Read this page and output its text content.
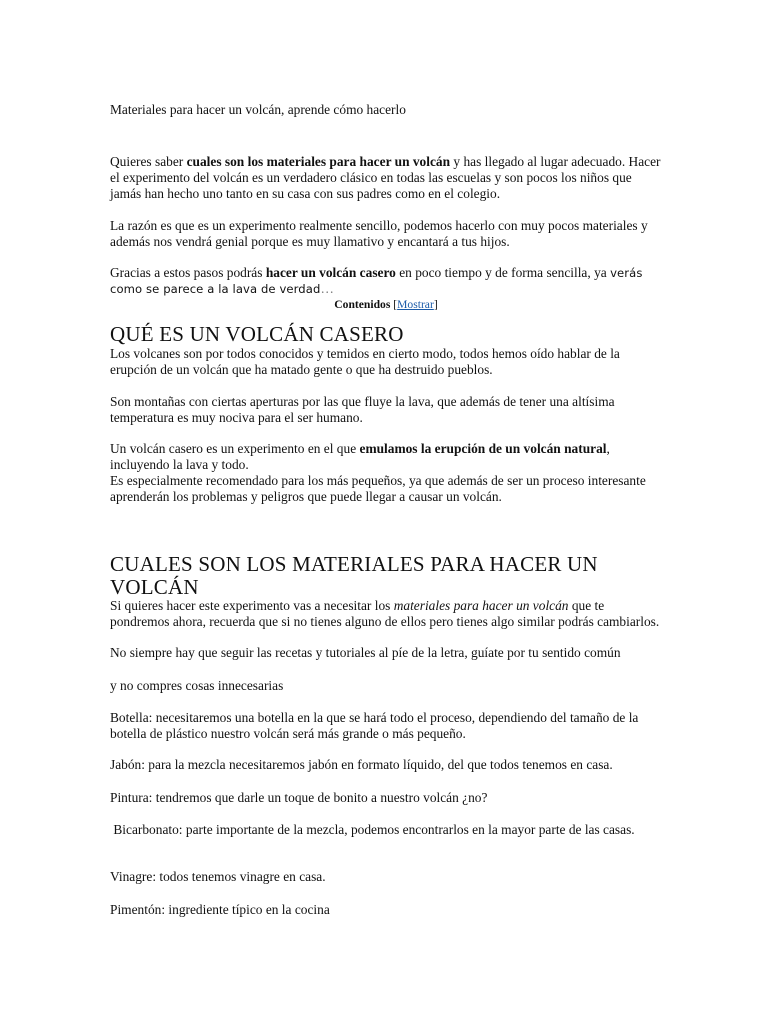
Materiales para hacer un volcán, aprende cómo hacerlo

Quieres saber cuales son los materiales para hacer un volcán y has llegado al lugar adecuado. Hacer el experimento del volcán es un verdadero clásico en todas las escuelas y son pocos los niños que jamás han hecho uno tanto en su casa con sus padres como en el colegio.

La razón es que es un experimento realmente sencillo, podemos hacerlo con muy pocos materiales y además nos vendrá genial porque es muy llamativo y encantará a tus hijos.

Gracias a estos pasos podrás hacer un volcán casero en poco tiempo y de forma sencilla, ya verás como se parece a la lava de verdad…

Contenidos [Mostrar]
QUÉ ES UN VOLCÁN CASERO

Los volcanes son por todos conocidos y temidos en cierto modo, todos hemos oído hablar de la erupción de un volcán que ha matado gente o que ha destruido pueblos.

Son montañas con ciertas aperturas por las que fluye la lava, que además de tener una altísima temperatura es muy nociva para el ser humano.

Un volcán casero es un experimento en el que emulamos la erupción de un volcán natural, incluyendo la lava y todo.

Es especialmente recomendado para los más pequeños, ya que además de ser un proceso interesante aprenderán los problemas y peligros que puede llegar a causar un volcán.

CUALES SON LOS MATERIALES PARA HACER UN VOLCÁN

Si quieres hacer este experimento vas a necesitar los materiales para hacer un volcán que te pondremos ahora, recuerda que si no tienes alguno de ellos pero tienes algo similar podrás cambiarlos.

No siempre hay que seguir las recetas y tutoriales al píe de la letra, guíate por tu sentido común

y no compres cosas innecesarias

Botella: necesitaremos una botella en la que se hará todo el proceso, dependiendo del tamaño de la botella de plástico nuestro volcán será más grande o más pequeño.

Jabón: para la mezcla necesitaremos jabón en formato líquido, del que todos tenemos en casa.

Pintura: tendremos que darle un toque de bonito a nuestro volcán ¿no?

Bicarbonato: parte importante de la mezcla, podemos encontrarlos en la mayor parte de las casas.

Vinagre: todos tenemos vinagre en casa.

Pimentón: ingrediente típico en la cocina
